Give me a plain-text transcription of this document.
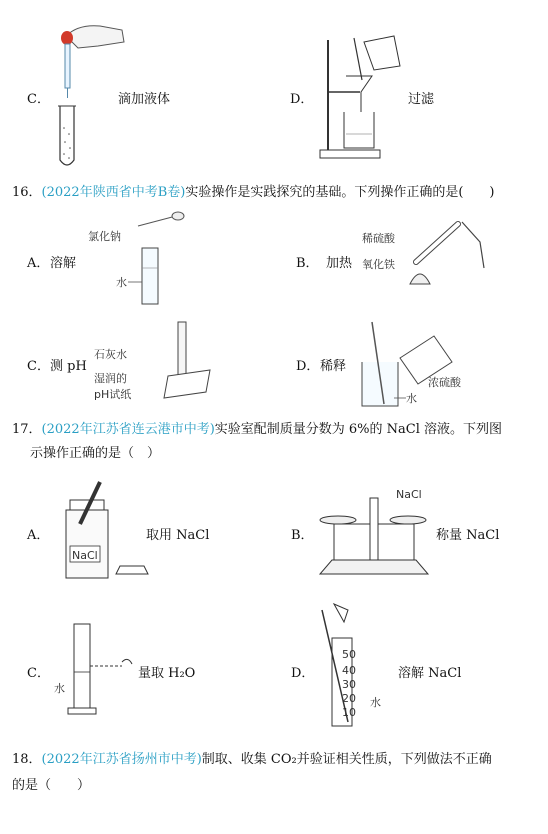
C．	滴加液体	D．	过滤
16．(2022年陕西省中考B卷)实验操作是实践探究的基础。下列操作正确的是(　　)
A． 溶解
氯化钠
水
B． 加热
稀硫酸
氧化铁
C． 测 pH
石灰水
湿润的
pH试纸
D． 稀释
浓硫酸
水
17．(2022年江苏省连云港市中考)实验室配制质量分数为 6%的 NaCl 溶液。下列图
示操作正确的是（　）
A．
NaCl
取用 NaCl	B．
NaCl
称量 NaCl
C．
水
量取 H₂O	D．
50
40
30
20
10
水
溶解 NaCl
18．(2022年江苏省扬州市中考)制取、收集 CO₂并验证相关性质，下列做法不正确
的是（　　）
